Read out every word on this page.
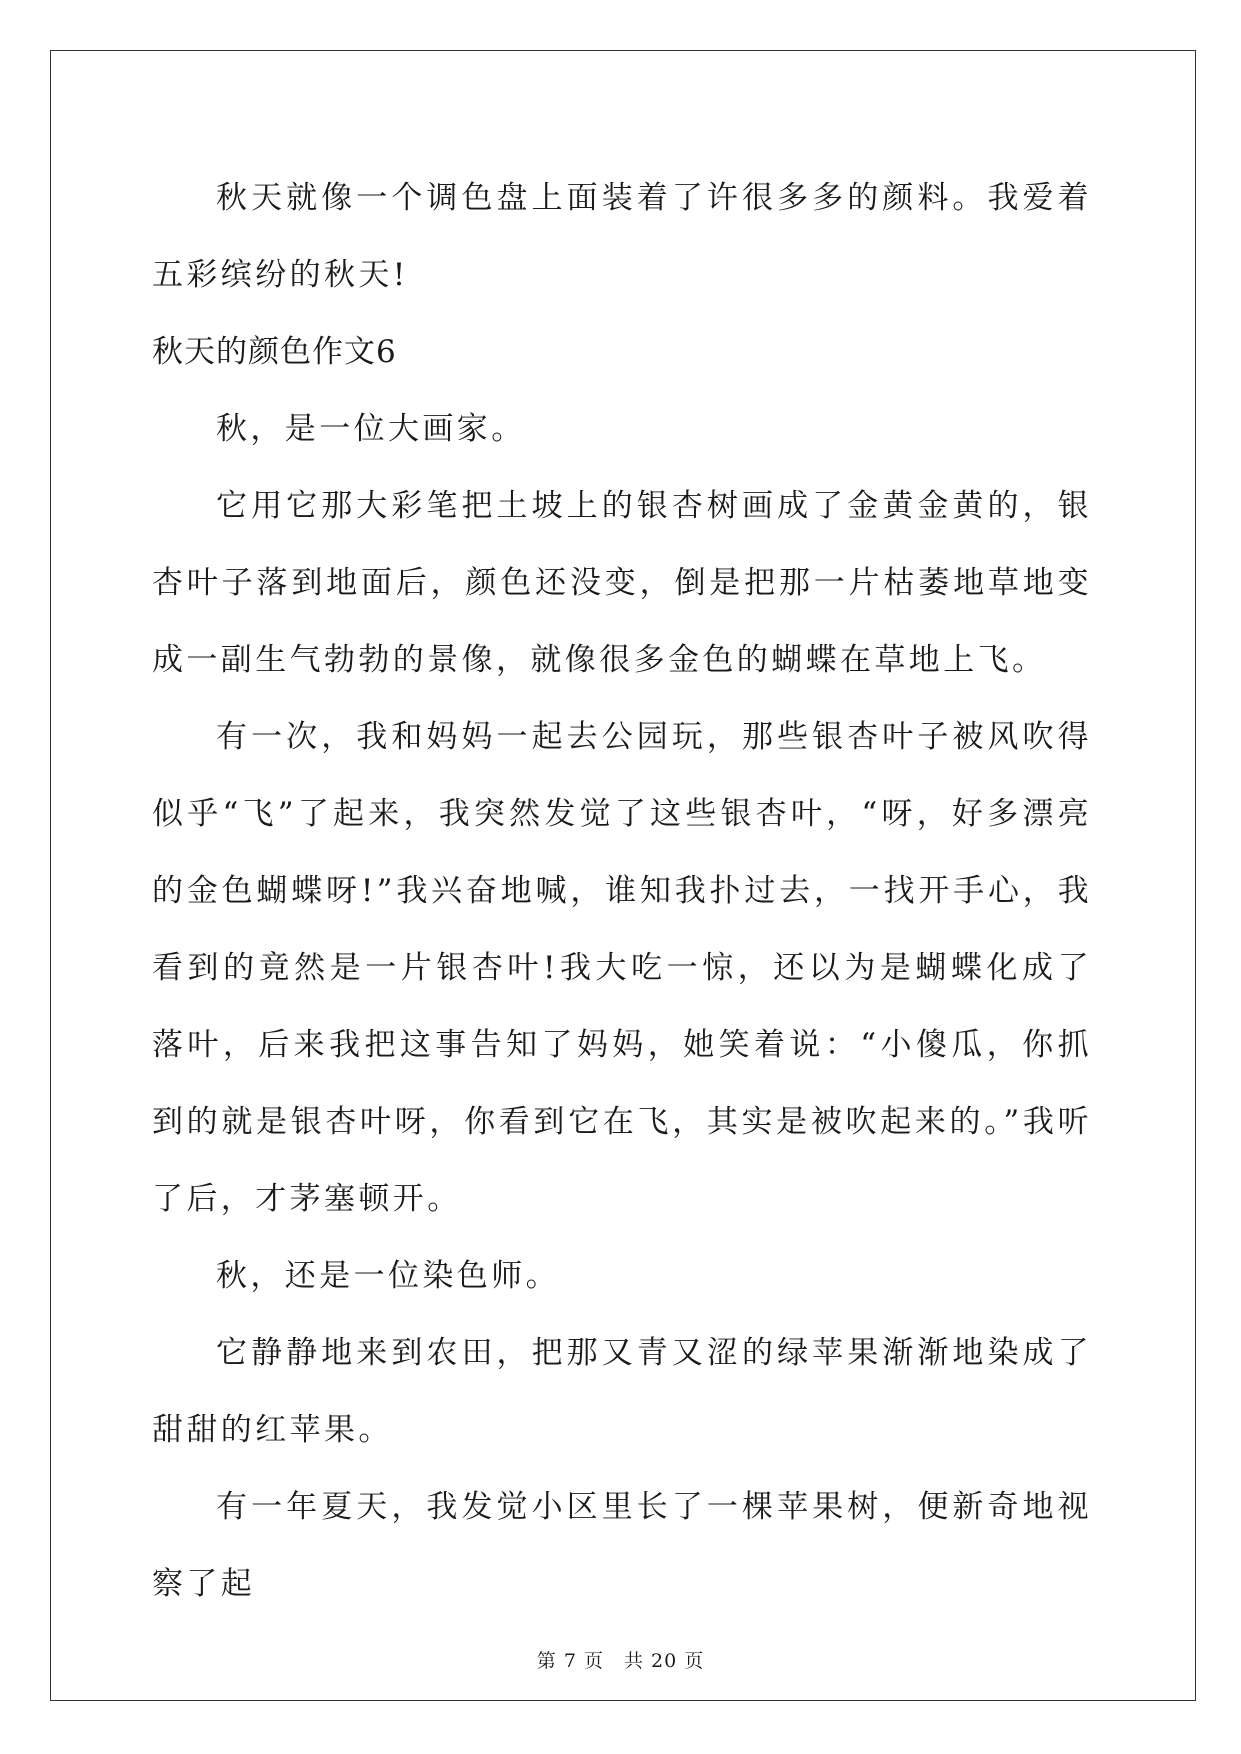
秋天就像一个调色盘上面装着了许很多多的颜料。我爱着五彩缤纷的秋天!

秋天的颜色作文6

秋，是一位大画家。

它用它那大彩笔把土坡上的银杏树画成了金黄金黄的，银杏叶子落到地面后，颜色还没变，倒是把那一片枯萎地草地变成一副生气勃勃的景像，就像很多金色的蝴蝶在草地上飞。

有一次，我和妈妈一起去公园玩，那些银杏叶子被风吹得似乎“飞”了起来，我突然发觉了这些银杏叶，“呀，好多漂亮的金色蝴蝶呀!”我兴奋地喊，谁知我扑过去，一找开手心，我看到的竟然是一片银杏叶!我大吃一惊，还以为是蝴蝶化成了落叶，后来我把这事告知了妈妈，她笑着说：“小傻瓜，你抓到的就是银杏叶呀，你看到它在飞，其实是被吹起来的。”我听了后，才茅塞顿开。

秋，还是一位染色师。

它静静地来到农田，把那又青又涩的绿苹果渐渐地染成了甜甜的红苹果。

有一年夏天，我发觉小区里长了一棵苹果树，便新奇地视察了起

第 7 页　共 20 页
